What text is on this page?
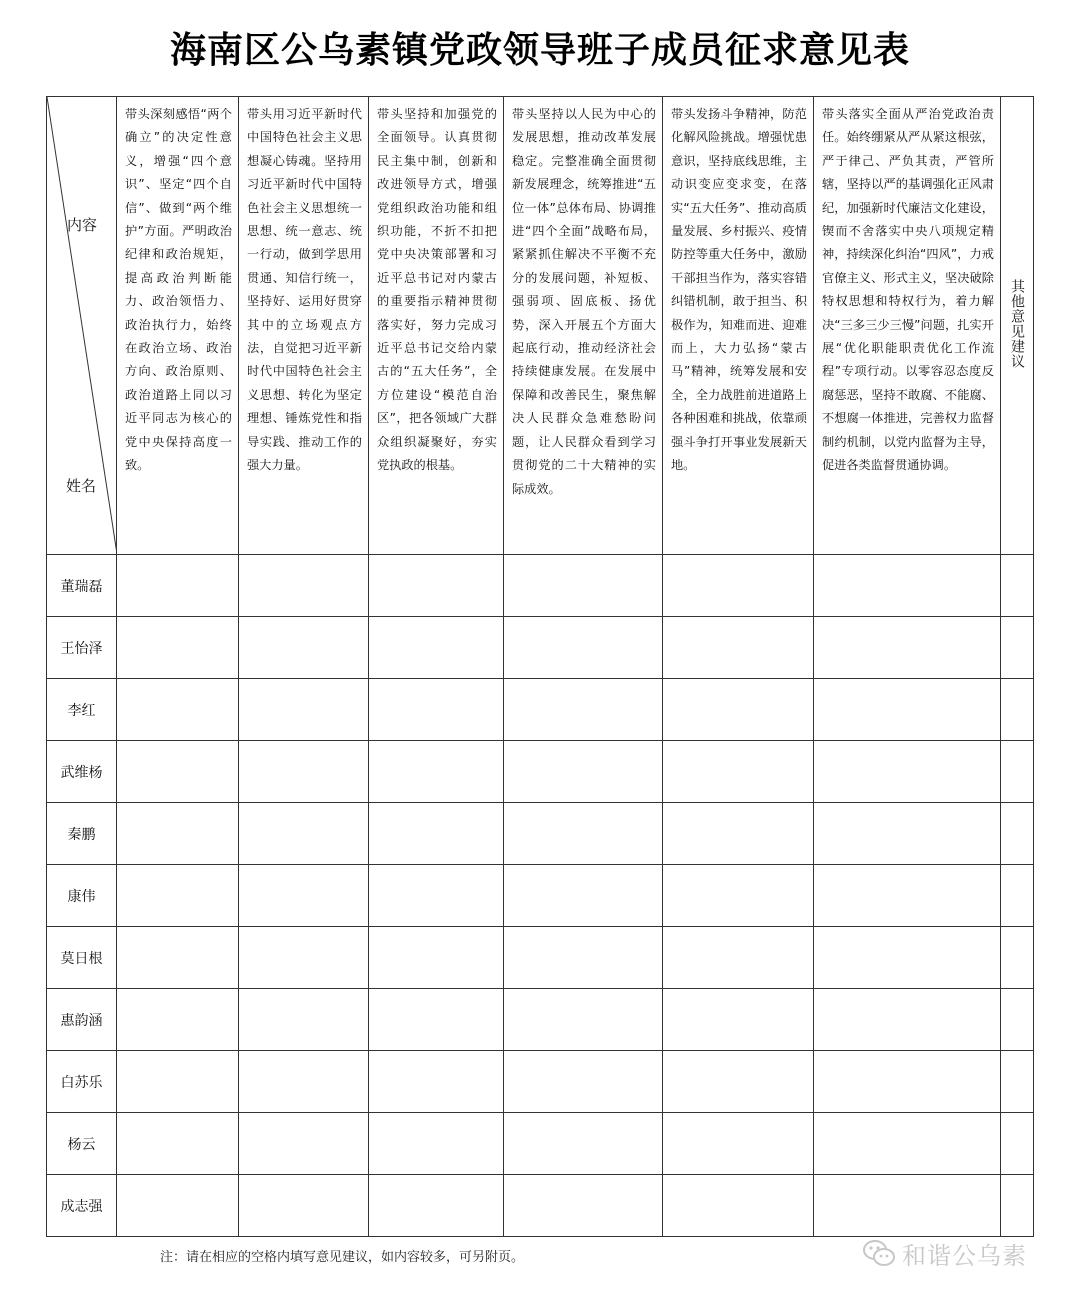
海南区公乌素镇党政领导班子成员征求意见表
内容
姓名	带头深刻感悟“两个确立”的决定性意义，增强“四个意识”、坚定“四个自信”、做到“两个维护”方面。严明政治纪律和政治规矩，提高政治判断能力、政治领悟力、政治执行力，始终在政治立场、政治方向、政治原则、政治道路上同以习近平同志为核心的党中央保持高度一致。	带头用习近平新时代中国特色社会主义思想凝心铸魂。坚持用习近平新时代中国特色社会主义思想统一思想、统一意志、统一行动，做到学思用贯通、知信行统一，坚持好、运用好贯穿其中的立场观点方法，自觉把习近平新时代中国特色社会主义思想、转化为坚定理想、锤炼党性和指导实践、推动工作的强大力量。	带头坚持和加强党的全面领导。认真贯彻民主集中制，创新和改进领导方式，增强党组织政治功能和组织功能，不折不扣把党中央决策部署和习近平总书记对内蒙古的重要指示精神贯彻落实好，努力完成习近平总书记交给内蒙古的“五大任务”，全方位建设“模范自治区”，把各领域广大群众组织凝聚好，夯实党执政的根基。	带头坚持以人民为中心的发展思想，推动改革发展稳定。完整准确全面贯彻新发展理念，统筹推进“五位一体”总体布局、协调推进“四个全面”战略布局，紧紧抓住解决不平衡不充分的发展问题，补短板、强弱项、固底板、扬优势，深入开展五个方面大起底行动，推动经济社会持续健康发展。在发展中保障和改善民生，聚焦解决人民群众急难愁盼问题，让人民群众看到学习贯彻党的二十大精神的实际成效。	带头发扬斗争精神，防范化解风险挑战。增强忧患意识，坚持底线思维，主动识变应变求变，在落实“五大任务”、推动高质量发展、乡村振兴、疫情防控等重大任务中，激励干部担当作为，落实容错纠错机制，敢于担当、积极作为，知难而进、迎难而上，大力弘扬“蒙古马”精神，统筹发展和安全，全力战胜前进道路上各种困难和挑战，依靠顽强斗争打开事业发展新天地。	带头落实全面从严治党政治责任。始终绷紧从严从紧这根弦，严于律己、严负其责，严管所辖，坚持以严的基调强化正风肃纪，加强新时代廉洁文化建设，锲而不舍落实中央八项规定精神，持续深化纠治“四风”，力戒官僚主义、形式主义，坚决破除特权思想和特权行为，着力解决“三多三少三慢”问题，扎实开展“优化职能职责优化工作流程”专项行动。以零容忍态度反腐惩恶，坚持不敢腐、不能腐、不想腐一体推进，完善权力监督制约机制，以党内监督为主导，促进各类监督贯通协调。	其他意见建议
董瑞磊							
王怡泽							
李红							
武维杨							
秦鹏							
康伟							
莫日根							
惠韵涵							
白苏乐							
杨云							
成志强							
注：请在相应的空格内填写意见建议，如内容较多，可另附页。	和谐公乌素
